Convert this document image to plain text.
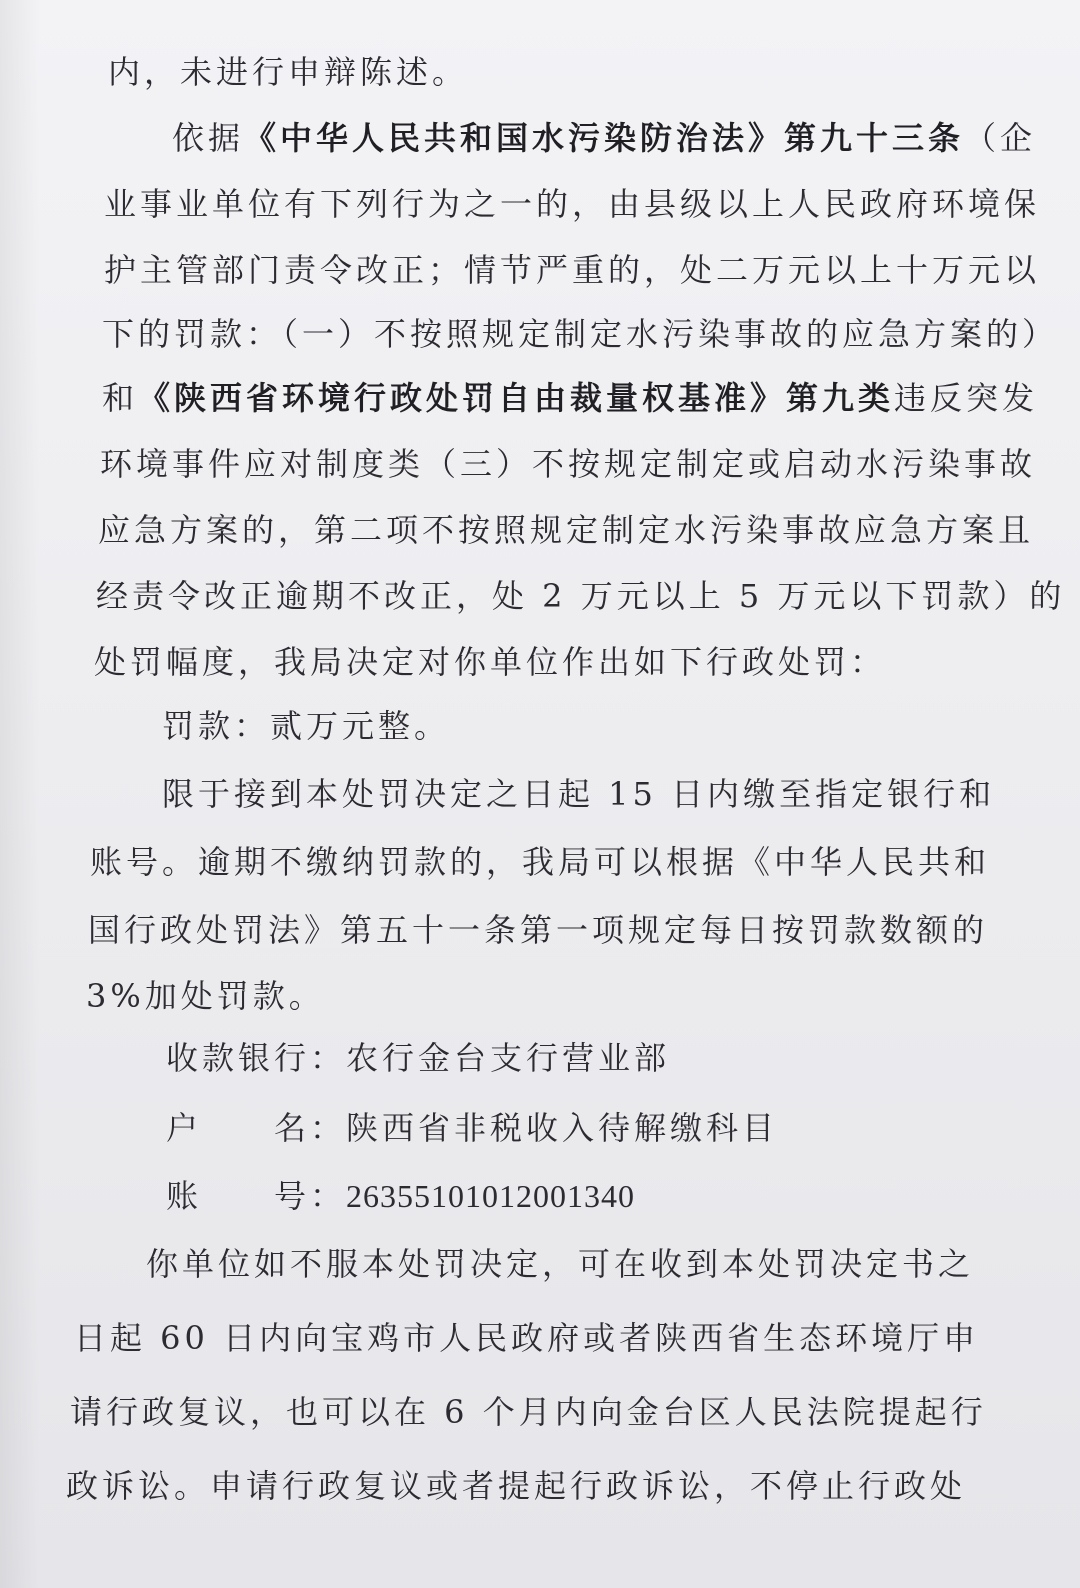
内，未进行申辩陈述。
依据《中华人民共和国水污染防治法》第九十三条（企
业事业单位有下列行为之一的，由县级以上人民政府环境保
护主管部门责令改正；情节严重的，处二万元以上十万元以
下的罚款：（一）不按照规定制定水污染事故的应急方案的）
和《陕西省环境行政处罚自由裁量权基准》第九类违反突发
环境事件应对制度类（三）不按规定制定或启动水污染事故
应急方案的，第二项不按照规定制定水污染事故应急方案且
经责令改正逾期不改正，处 2 万元以上 5 万元以下罚款）的
处罚幅度，我局决定对你单位作出如下行政处罚：
罚款：贰万元整。
限于接到本处罚决定之日起 15 日内缴至指定银行和
账号。逾期不缴纳罚款的，我局可以根据《中华人民共和
国行政处罚法》第五十一条第一项规定每日按罚款数额的
3%加处罚款。
收款银行：农行金台支行营业部
户　　名：陕西省非税收入待解缴科目
账　　号：26355101012001340
你单位如不服本处罚决定，可在收到本处罚决定书之
日起 60 日内向宝鸡市人民政府或者陕西省生态环境厅申
请行政复议，也可以在 6 个月内向金台区人民法院提起行
政诉讼。申请行政复议或者提起行政诉讼，不停止行政处
